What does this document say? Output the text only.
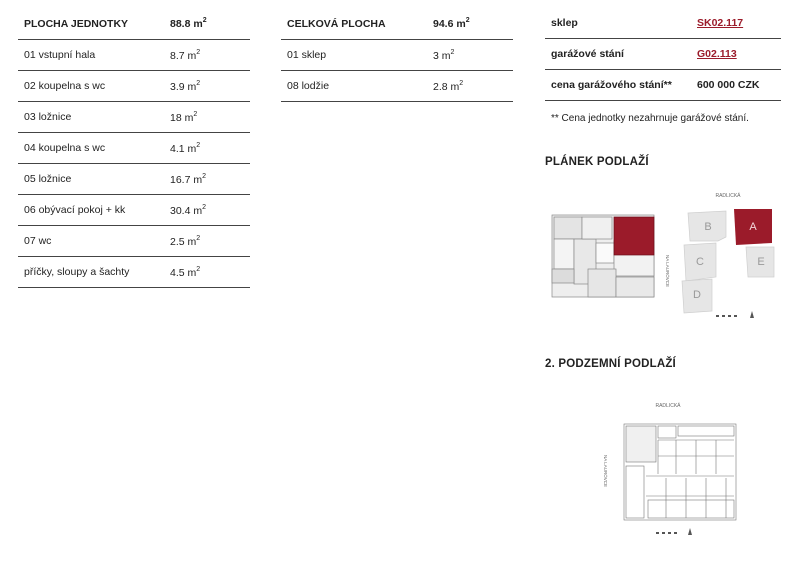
PLOCHA JEDNOTKY	88.8 $m^2$
01 vstupní hala	8.7 $m^2$
02 koupelna s wc	3.9 $m^2$
03 ložnice	18 $m^2$
04 koupelna s wc	4.1 $m^2$
05 ložnice	16.7 $m^2$
06 obývací pokoj + kk	30.4 $m^2$
07 wc	2.5 $m^2$
příčky, sloupy a šachty	4.5 $m^2$
CELKOVÁ PLOCHA	94.6 $m^2$
01 sklep	3 $m^2$
08 lodžie	2.8 $m^2$
sklep	SK02.117
garážové stání	G02.113
cena garážového stání**	600 000 CZK
** Cena jednotky nezahrnuje garážové stání.
PLÁNEK PODLAŽÍ
NA LAURÓVCE
RADLICKÁ
B	A
C	E
D
2. PODZEMNÍ PODLAŽÍ
RADLICKÁ
NA LAURÓVCE
